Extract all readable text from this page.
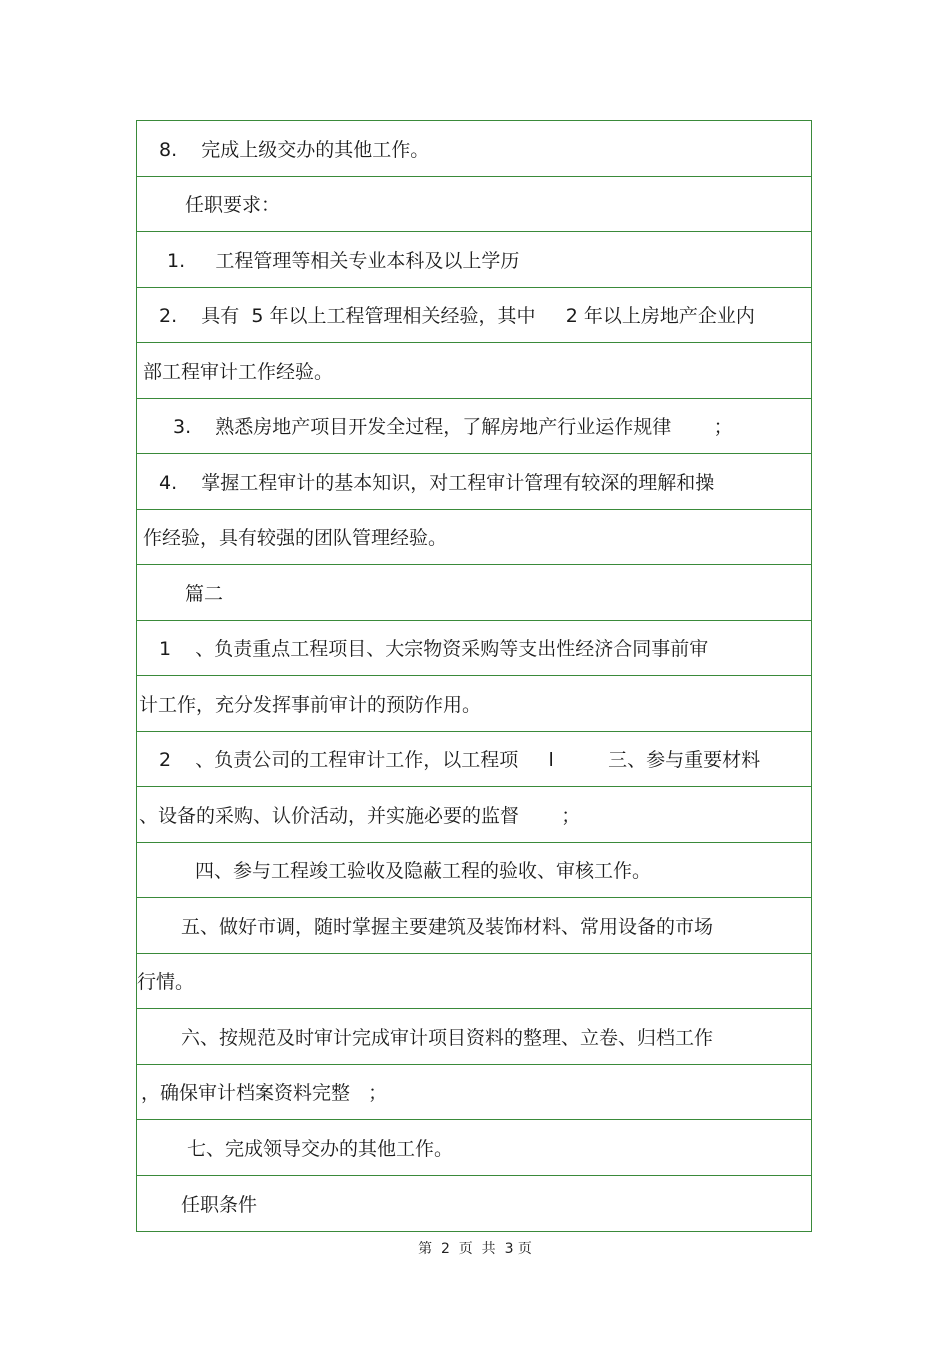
8.    完成上级交办的其他工作。
任职要求：
1.     工程管理等相关专业本科及以上学历
2.    具有  5 年以上工程管理相关经验，其中     2 年以上房地产企业内
部工程审计工作经验。
3.    熟悉房地产项目开发全过程，了解房地产行业运作规律       ；
4.    掌握工程审计的基本知识，对工程审计管理有较深的理解和操
作经验，具有较强的团队管理经验。
篇二
1    、负责重点工程项目、大宗物资采购等支出性经济合同事前审
计工作，充分发挥事前审计的预防作用。
2    、负责公司的工程审计工作，以工程项     l         三、参与重要材料
、设备的采购、认价活动，并实施必要的监督       ；
四、参与工程竣工验收及隐蔽工程的验收、审核工作。
五、做好市调，随时掌握主要建筑及装饰材料、常用设备的市场
行情。
六、按规范及时审计完成审计项目资料的整理、立卷、归档工作
，确保审计档案资料完整   ；
七、完成领导交办的其他工作。
任职条件
第  2  页  共  3 页
